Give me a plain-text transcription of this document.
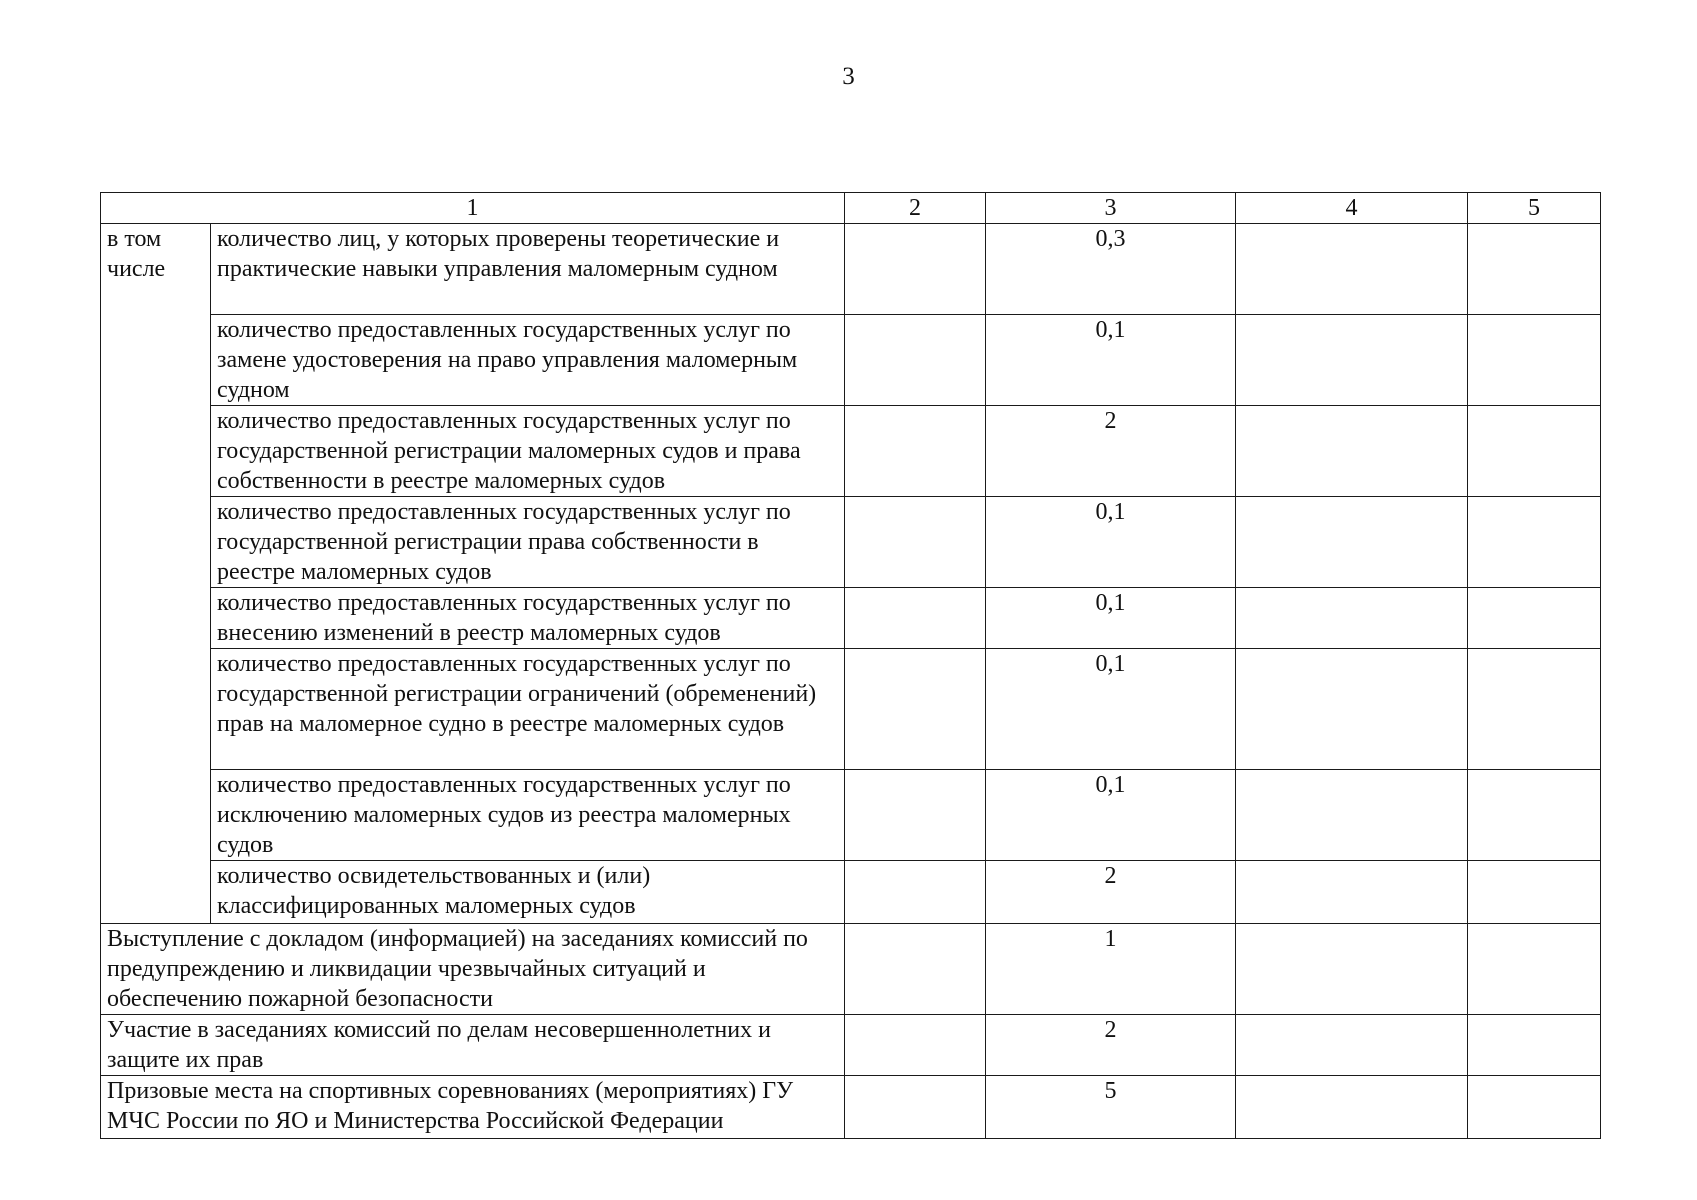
3
1		2	3	4	5
в том числе	количество лиц, у которых проверены теоретические и практические навыки управления маломерным судном		0,3		
	количество предоставленных государственных услуг по замене удостоверения на право управления маломерным судном		0,1		
	количество предоставленных государственных услуг по государственной регистрации маломерных судов и права собственности в реестре маломерных судов		2		
	количество предоставленных государственных услуг по государственной регистрации права собственности в реестре маломерных судов		0,1		
	количество предоставленных государственных услуг по внесению изменений в реестр маломерных судов		0,1		
	количество предоставленных государственных услуг по государственной регистрации ограничений (обременений) прав на маломерное судно в реестре маломерных судов		0,1		
	количество предоставленных государственных услуг по исключению маломерных судов из реестра маломерных судов		0,1		
	количество освидетельствованных и (или) классифицированных маломерных судов		2		
Выступление с докладом (информацией) на заседаниях комиссий по предупреждению и ликвидации чрезвычайных ситуаций и обеспечению пожарной безопасности			1		
Участие в заседаниях комиссий по делам несовершеннолетних и защите их прав			2		
Призовые места на спортивных соревнованиях (мероприятиях) ГУ МЧС России по ЯО и Министерства Российской Федерации			5		
